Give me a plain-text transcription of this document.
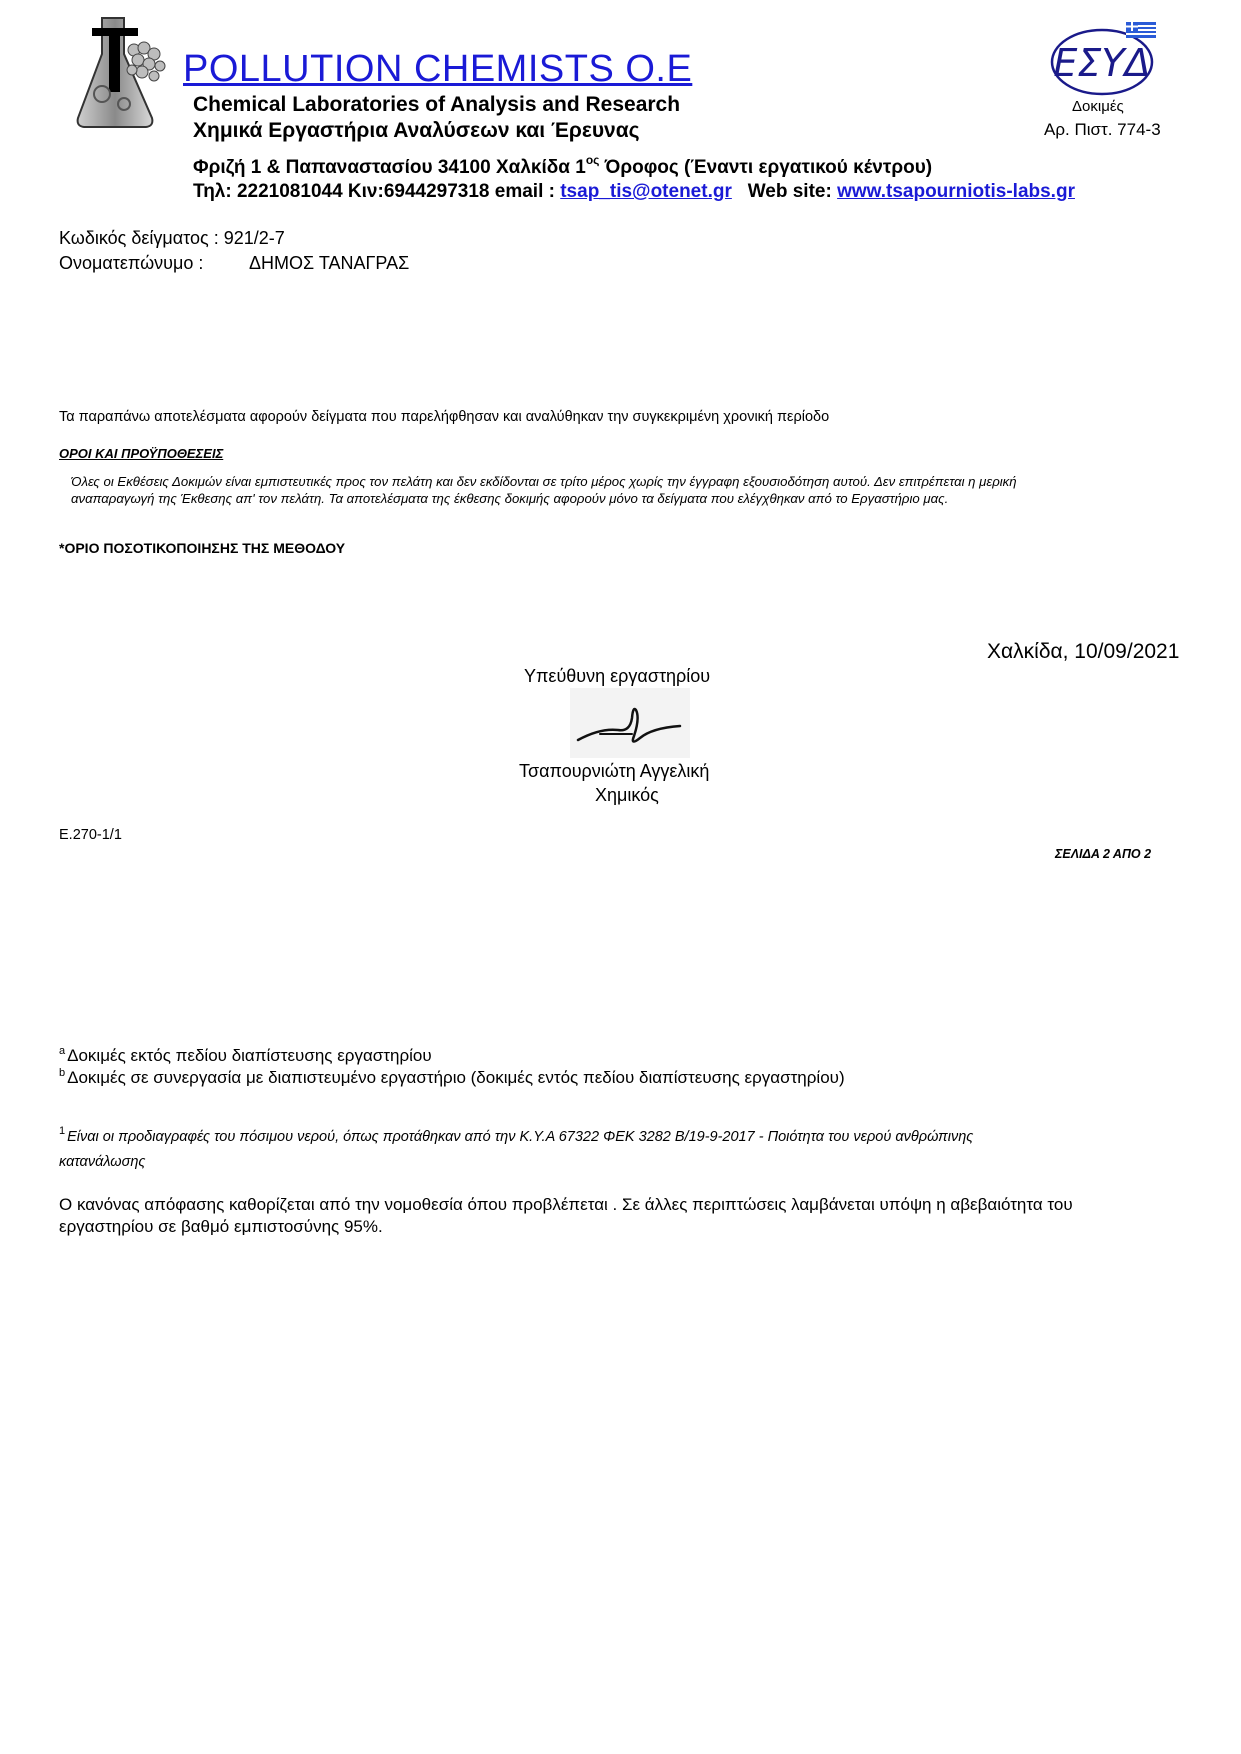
POLLUTION CHEMISTS O.E
Chemical Laboratories of Analysis and Research
Χημικά Εργαστήρια Αναλύσεων και Έρευνας
Φριζή 1 & Παπαναστασίου 34100 Χαλκίδα $1^{o\varsigma}$ Όροφος (Έναντι εργατικού κέντρου)
Τηλ: 2221081044 Κιν:6944297318 email : tsap_tis@otenet.gr   Web site: www.tsapourniotis-labs.gr
ΕΣΥΔ
Δοκιμές
Αρ. Πιστ. 774-3
Κωδικός δείγματος : 921/2-7
Ονοματεπώνυμο :	ΔΗΜΟΣ ΤΑΝΑΓΡΑΣ
Τα παραπάνω αποτελέσματα αφορούν δείγματα που παρελήφθησαν και αναλύθηκαν την συγκεκριμένη χρονική περίοδο
ΟΡΟΙ ΚΑΙ ΠΡΟΫΠΟΘΕΣΕΙΣ
Όλες οι Εκθέσεις Δοκιμών είναι εμπιστευτικές προς τον πελάτη και δεν εκδίδονται σε τρίτο μέρος χωρίς την έγγραφη εξουσιοδότηση αυτού. Δεν επιτρέπεται η μερική
αναπαραγωγή της Έκθεσης απ' τον πελάτη. Τα αποτελέσματα της έκθεσης δοκιμής αφορούν μόνο τα δείγματα που ελέγχθηκαν από το Εργαστήριο μας.
*ΟΡΙΟ ΠΟΣΟΤΙΚΟΠΟΙΗΣΗΣ ΤΗΣ ΜΕΘΟΔΟΥ
Χαλκίδα, 10/09/2021
Υπεύθυνη εργαστηρίου
Τσαπουρνιώτη Αγγελική
Χημικός
Ε.270-1/1
ΣΕΛΙΔΑ 2 ΑΠΟ 2
$^a$ Δοκιμές εκτός πεδίου διαπίστευσης εργαστηρίου
$^b$ Δοκιμές σε συνεργασία με διαπιστευμένο εργαστήριο (δοκιμές εντός πεδίου διαπίστευσης εργαστηρίου)
$^1$ Είναι οι προδιαγραφές του πόσιμου νερού, όπως προτάθηκαν από την Κ.Υ.Α 67322 ΦΕΚ 3282 Β/19-9-2017 - Ποιότητα του νερού ανθρώπινης
κατανάλωσης
Ο κανόνας απόφασης καθορίζεται από την νομοθεσία όπου προβλέπεται . Σε άλλες περιπτώσεις λαμβάνεται υπόψη η αβεβαιότητα του
εργαστηρίου σε βαθμό εμπιστοσύνης 95%.
